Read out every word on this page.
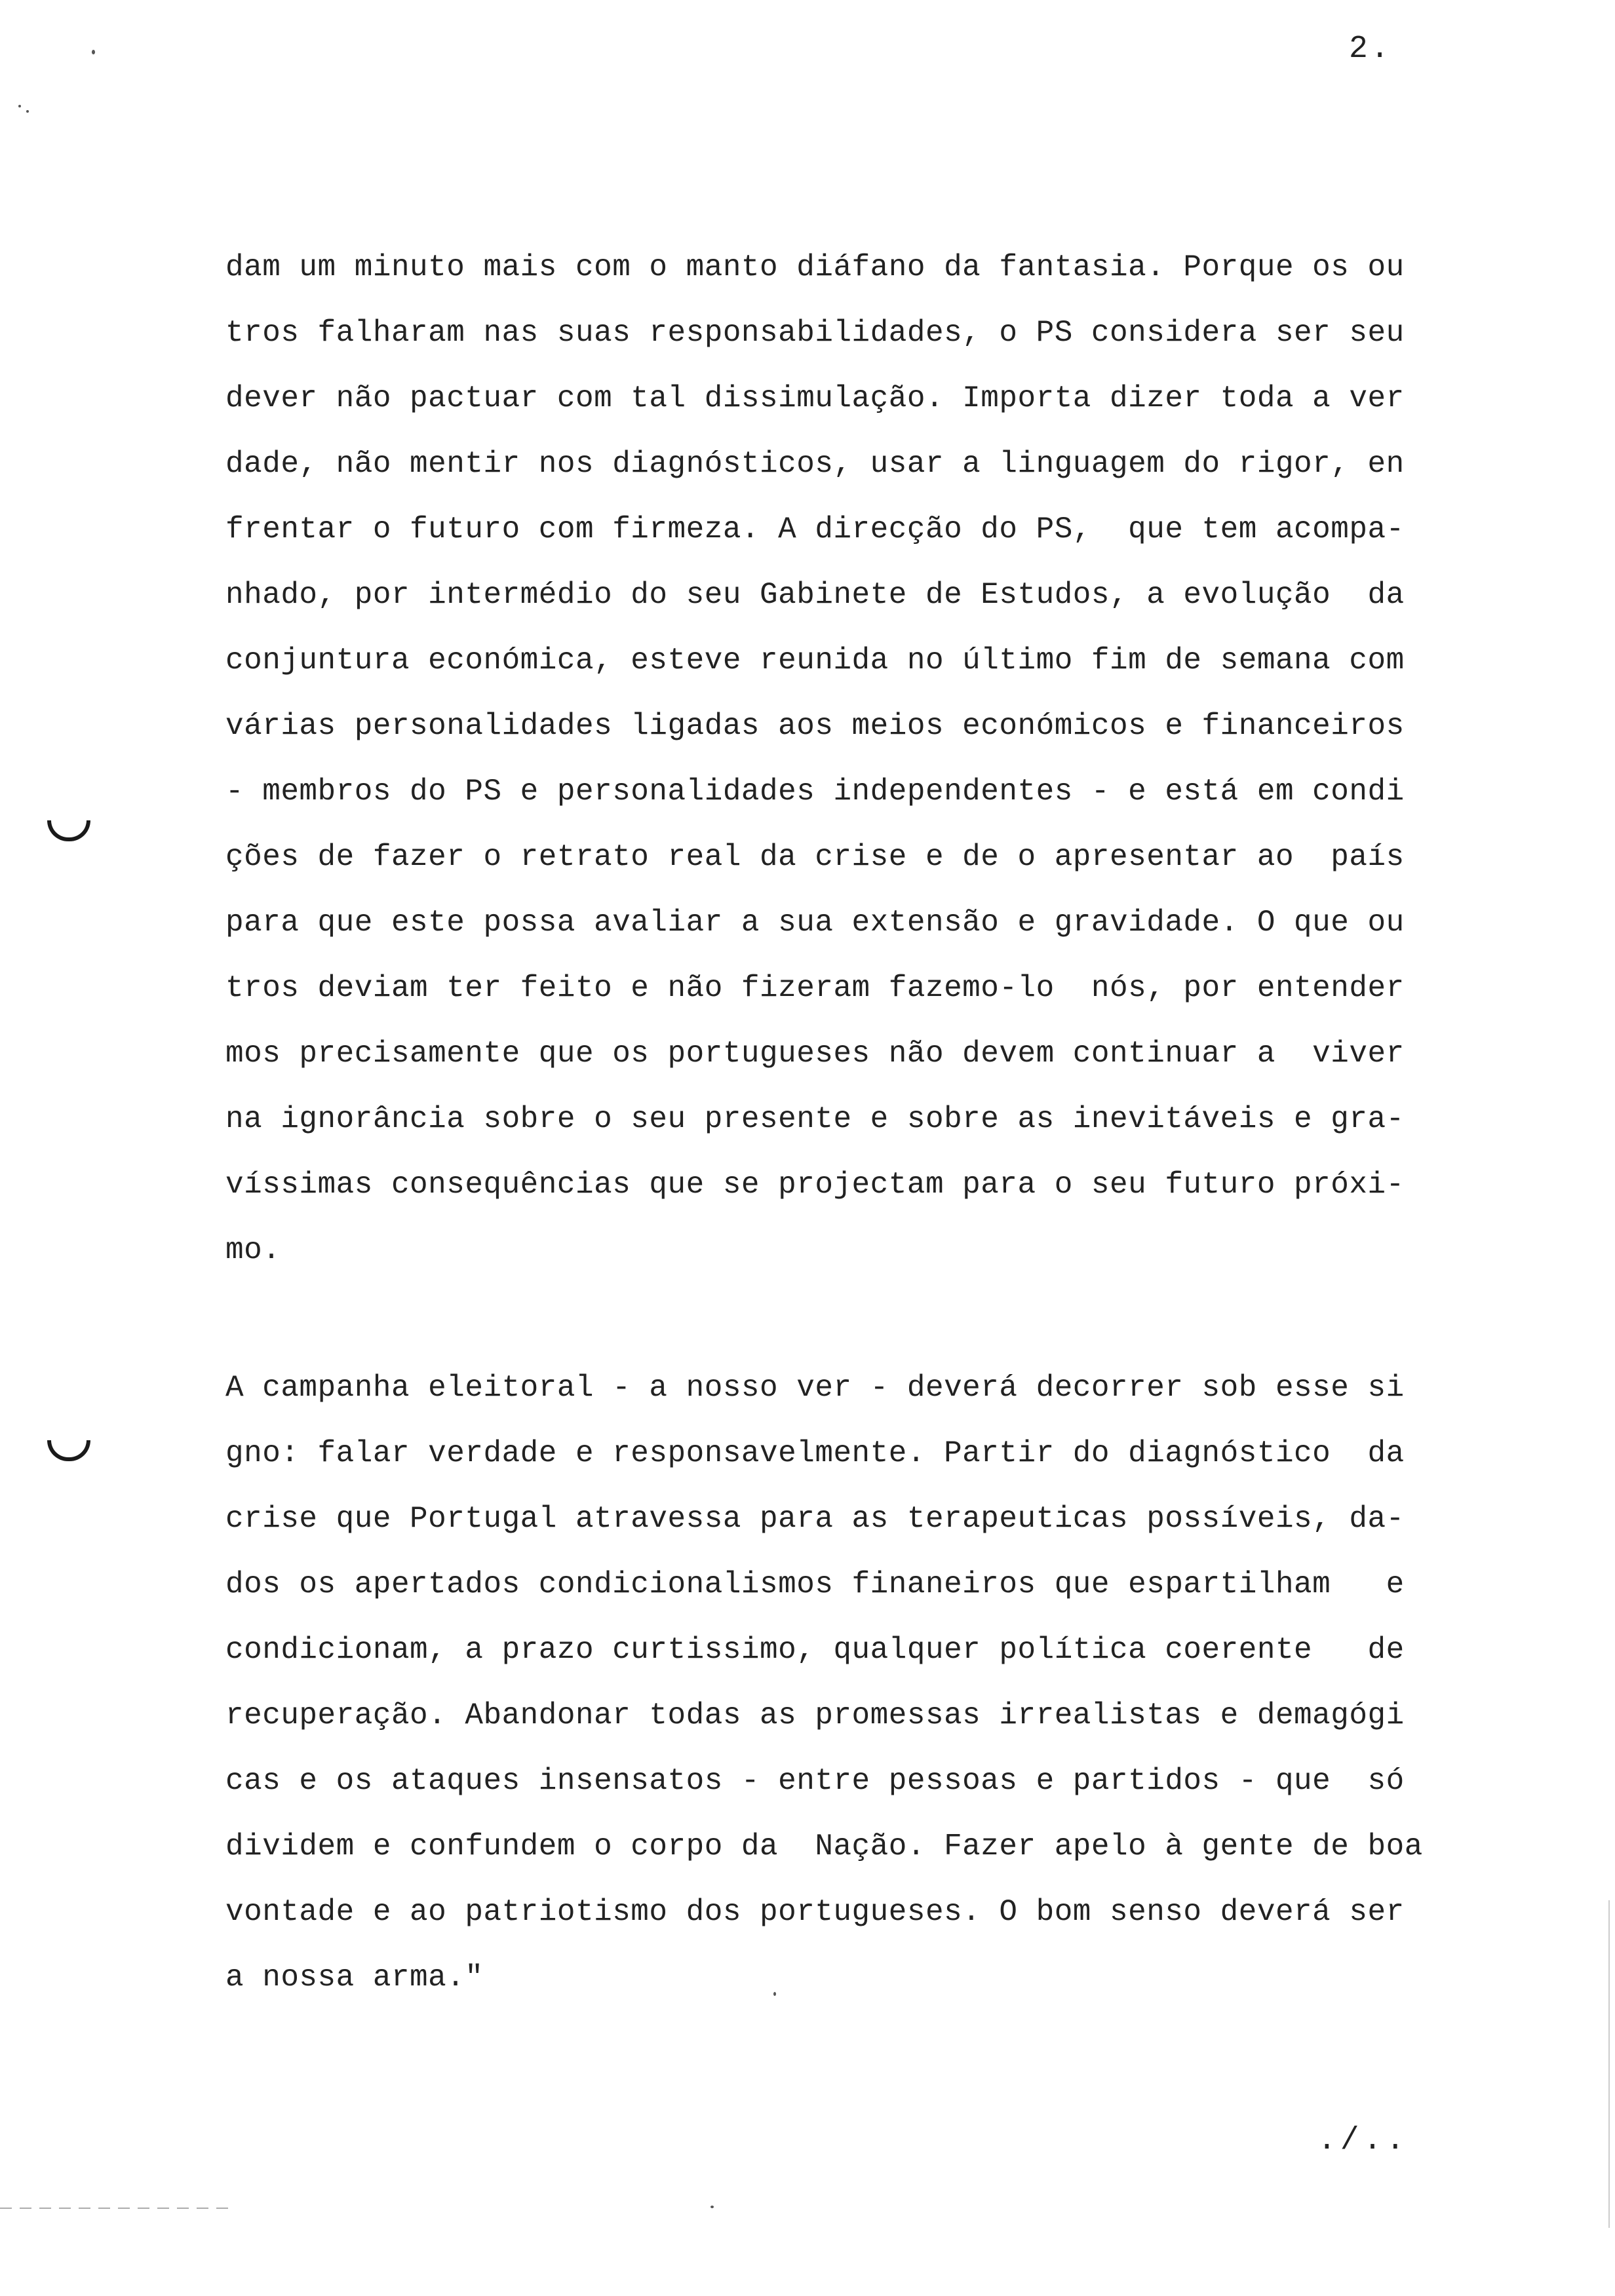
2.
dam um minuto mais com o manto diáfano da fantasia. Porque os ou
tros falharam nas suas responsabilidades, o PS considera ser seu
dever não pactuar com tal dissimulação. Importa dizer toda a ver
dade, não mentir nos diagnósticos, usar a linguagem do rigor, en
frentar o futuro com firmeza. A direcção do PS,  que tem acompa-
nhado, por intermédio do seu Gabinete de Estudos, a evolução  da
conjuntura económica, esteve reunida no último fim de semana com
várias personalidades ligadas aos meios económicos e financeiros
- membros do PS e personalidades independentes - e está em condi
ções de fazer o retrato real da crise e de o apresentar ao  país
para que este possa avaliar a sua extensão e gravidade. O que ou
tros deviam ter feito e não fizeram fazemo-lo  nós, por entender
mos precisamente que os portugueses não devem continuar a  viver
na ignorância sobre o seu presente e sobre as inevitáveis e gra-
víssimas consequências que se projectam para o seu futuro próxi-
mo.
A campanha eleitoral - a nosso ver - deverá decorrer sob esse si
gno: falar verdade e responsavelmente. Partir do diagnóstico  da
crise que Portugal atravessa para as terapeuticas possíveis, da-
dos os apertados condicionalismos finaneiros que espartilham   e
condicionam, a prazo curtissimo, qualquer política coerente   de
recuperação. Abandonar todas as promessas irrealistas e demagógi
cas e os ataques insensatos - entre pessoas e partidos - que  só
dividem e confundem o corpo da  Nação. Fazer apelo à gente de boa
vontade e ao patriotismo dos portugueses. O bom senso deverá ser
a nossa arma."
./..
